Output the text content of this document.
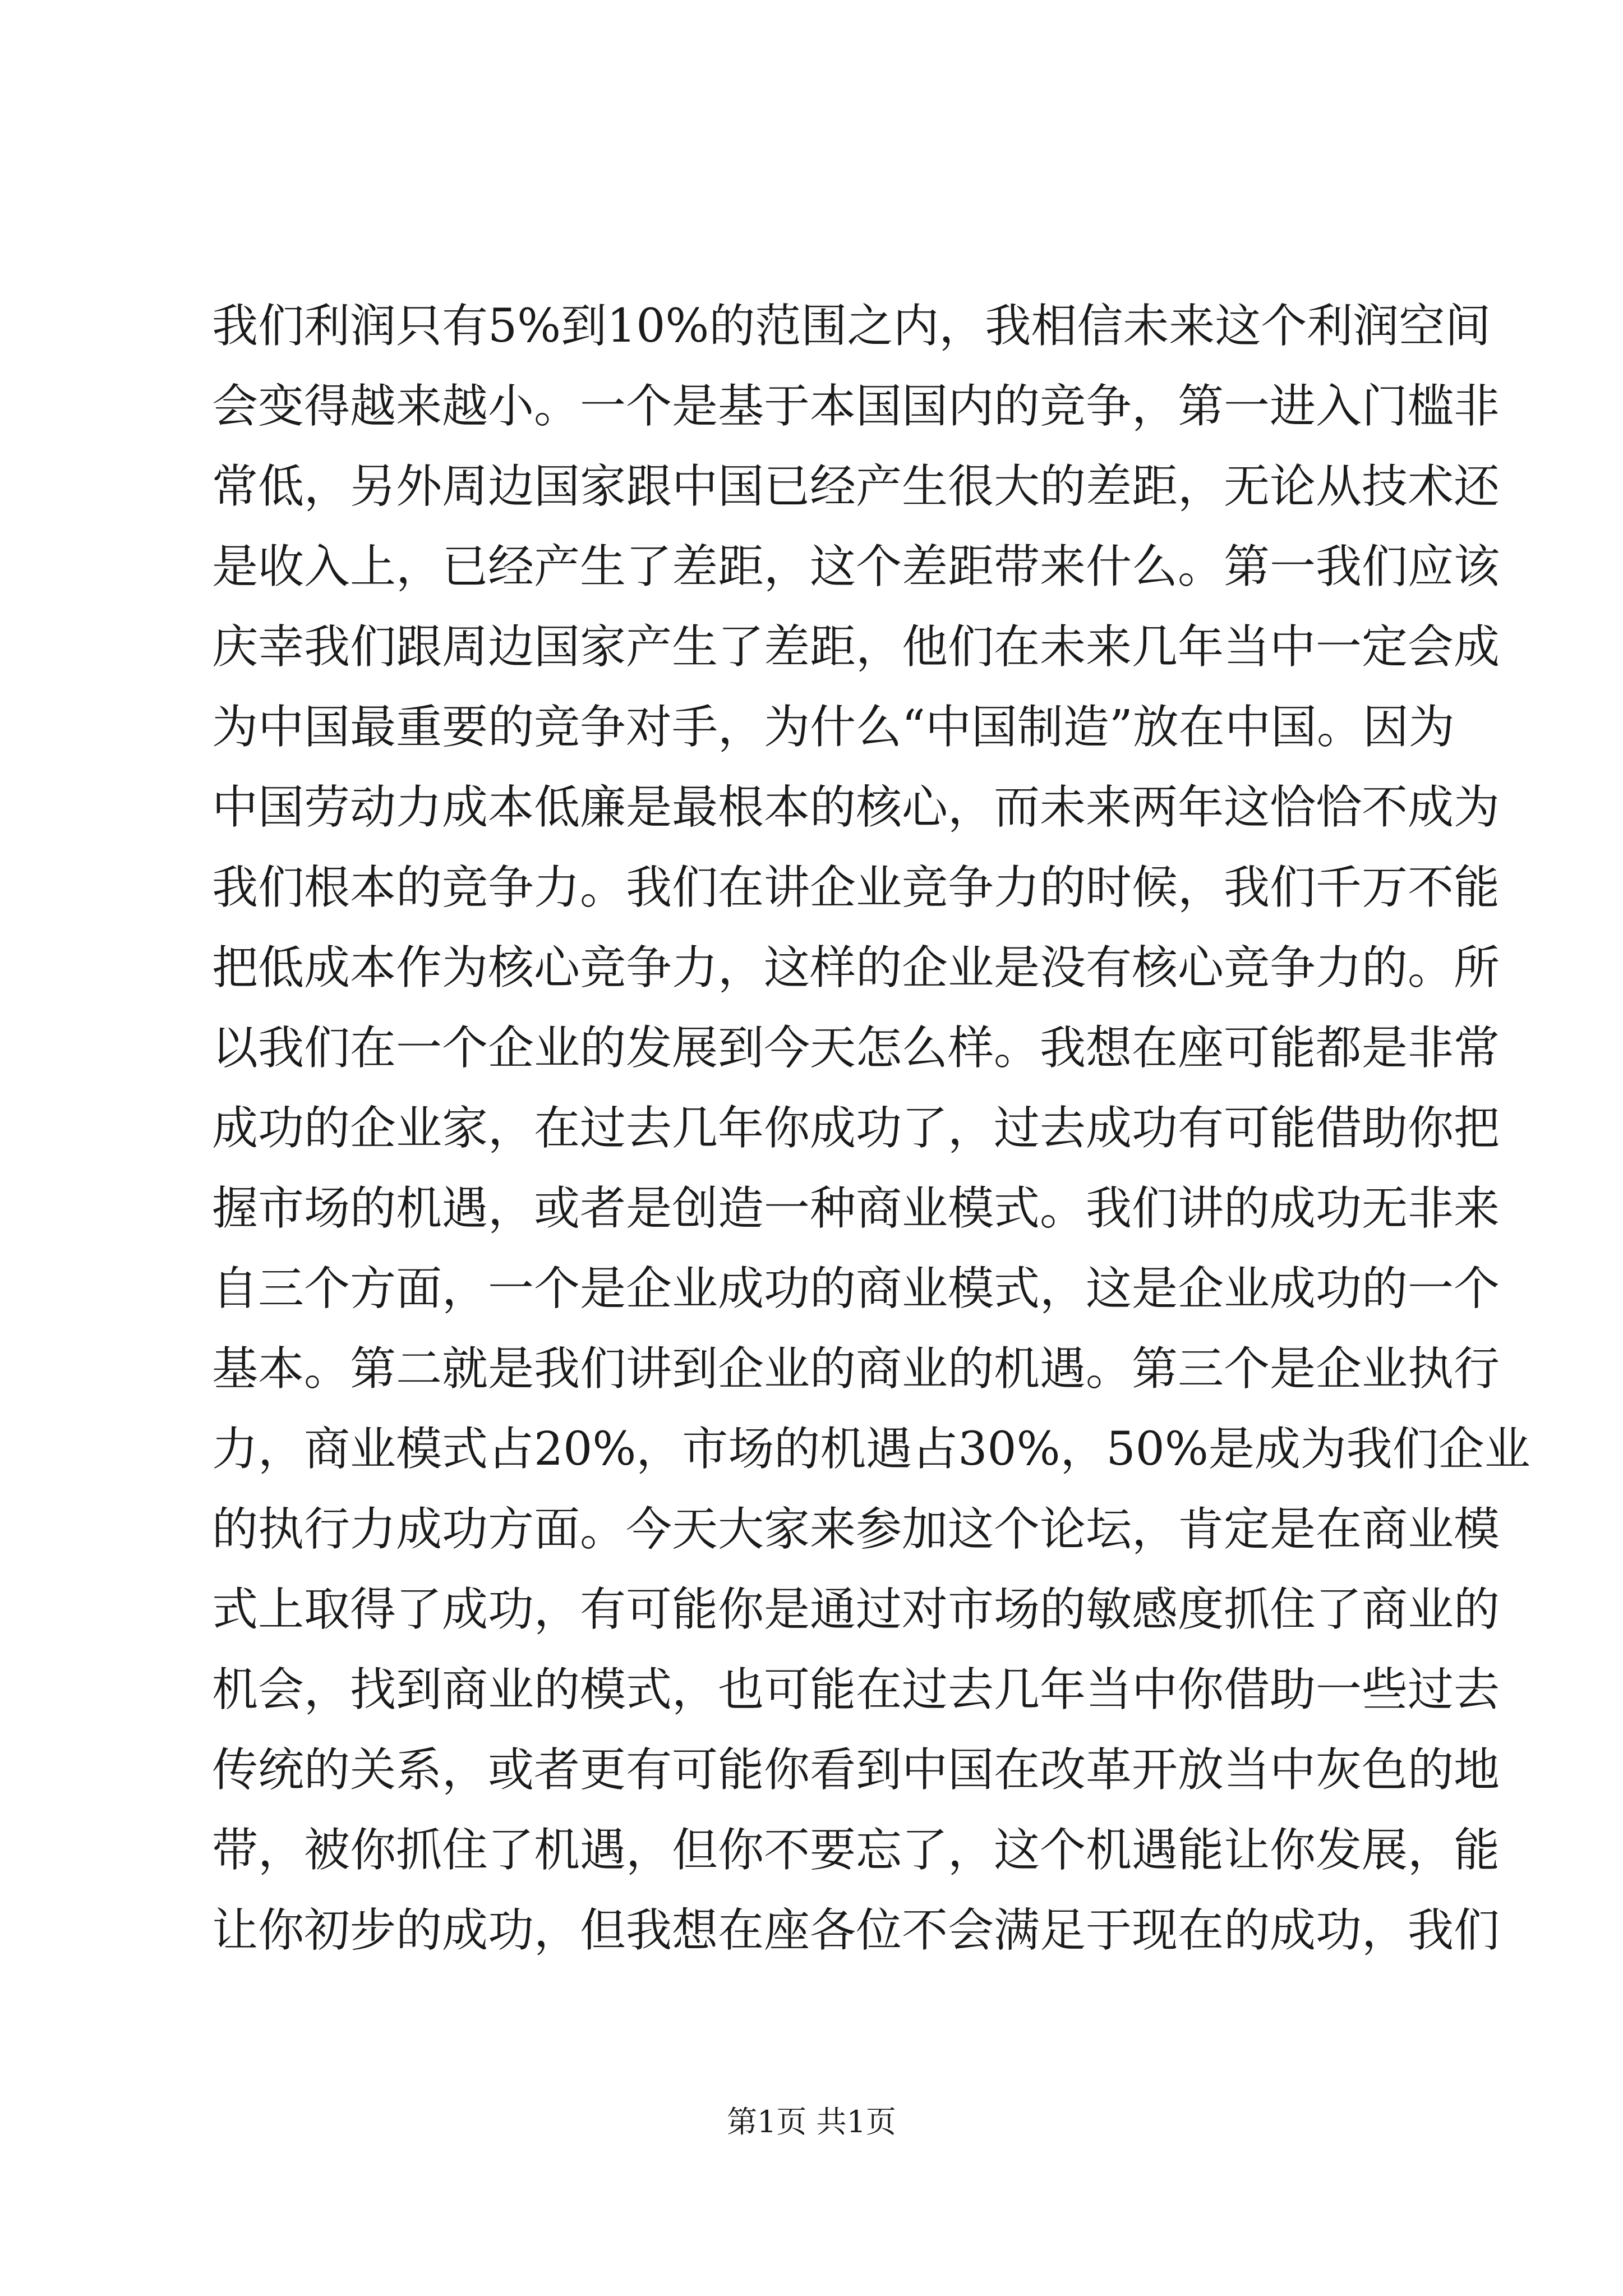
我们利润只有5%到10%的范围之内，我相信未来这个利润空间
会变得越来越小。一个是基于本国国内的竞争，第一进入门槛非
常低，另外周边国家跟中国已经产生很大的差距，无论从技术还
是收入上，已经产生了差距，这个差距带来什么。第一我们应该
庆幸我们跟周边国家产生了差距，他们在未来几年当中一定会成
为中国最重要的竞争对手，为什么“中国制造”放在中国。因为
中国劳动力成本低廉是最根本的核心，而未来两年这恰恰不成为
我们根本的竞争力。我们在讲企业竞争力的时候，我们千万不能
把低成本作为核心竞争力，这样的企业是没有核心竞争力的。所
以我们在一个企业的发展到今天怎么样。我想在座可能都是非常
成功的企业家，在过去几年你成功了，过去成功有可能借助你把
握市场的机遇，或者是创造一种商业模式。我们讲的成功无非来
自三个方面，一个是企业成功的商业模式，这是企业成功的一个
基本。第二就是我们讲到企业的商业的机遇。第三个是企业执行
力，商业模式占20%，市场的机遇占30%，50%是成为我们企业
的执行力成功方面。今天大家来参加这个论坛，肯定是在商业模
式上取得了成功，有可能你是通过对市场的敏感度抓住了商业的
机会，找到商业的模式，也可能在过去几年当中你借助一些过去
传统的关系，或者更有可能你看到中国在改革开放当中灰色的地
带，被你抓住了机遇，但你不要忘了，这个机遇能让你发展，能
让你初步的成功，但我想在座各位不会满足于现在的成功，我们
第1页 共1页
